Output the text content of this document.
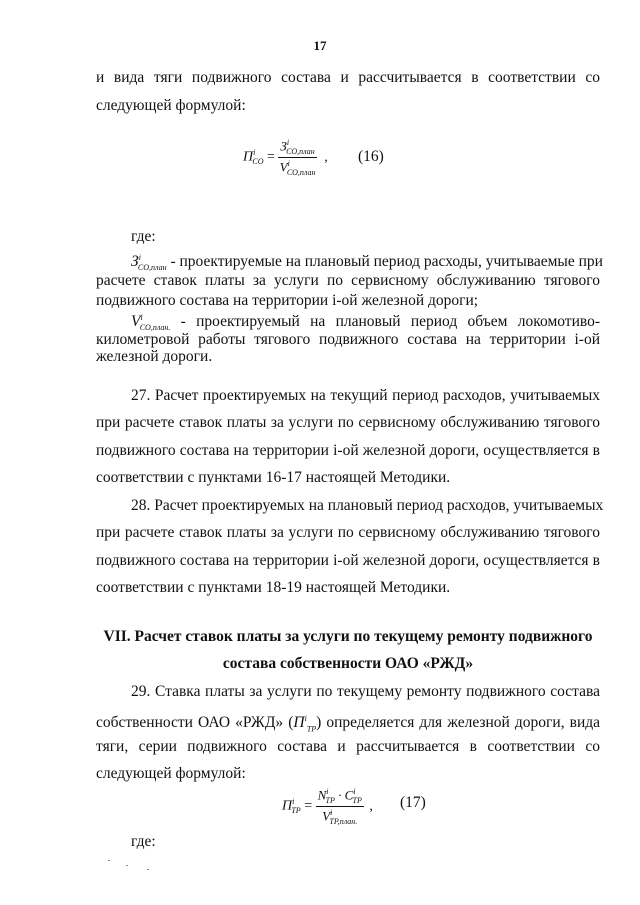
17
и вида тяги подвижного состава и рассчитывается в соответствии со
следующей формулой:
$П^i_{CO} = \frac{З^i_{CO,план}}{V^i_{CO,план}}$ , (16)
где:
$З^i_{CO,план}$ - проектируемые на плановый период расходы, учитываемые при
расчете ставок платы за услуги по сервисному обслуживанию тягового
подвижного состава на территории i-ой железной дороги;
$V^i_{CO,план.}$ - проектируемый на плановый период объем локомотиво-
километровой работы тягового подвижного состава на территории i-ой
железной дороги.
27. Расчет проектируемых на текущий период расходов, учитываемых
при расчете ставок платы за услуги по сервисному обслуживанию тягового
подвижного состава на территории i-ой железной дороги, осуществляется в
соответствии с пунктами 16-17 настоящей Методики.
28. Расчет проектируемых на плановый период расходов, учитываемых
при расчете ставок платы за услуги по сервисному обслуживанию тягового
подвижного состава на территории i-ой железной дороги, осуществляется в
соответствии с пунктами 18-19 настоящей Методики.
VII. Расчет ставок платы за услуги по текущему ремонту подвижного
состава собственности ОАО «РЖД»
29. Ставка платы за услуги по текущему ремонту подвижного состава
собственности ОАО «РЖД» $(П^i_{TP})$ определяется для железной дороги, вида
тяги, серии подвижного состава и рассчитывается в соответствии со
следующей формулой:
$П^i_{TP} = \frac{N^i_{TP} \cdot C^i_{TP}}{V^i_{TP,план.}}$ , (17)
где:
